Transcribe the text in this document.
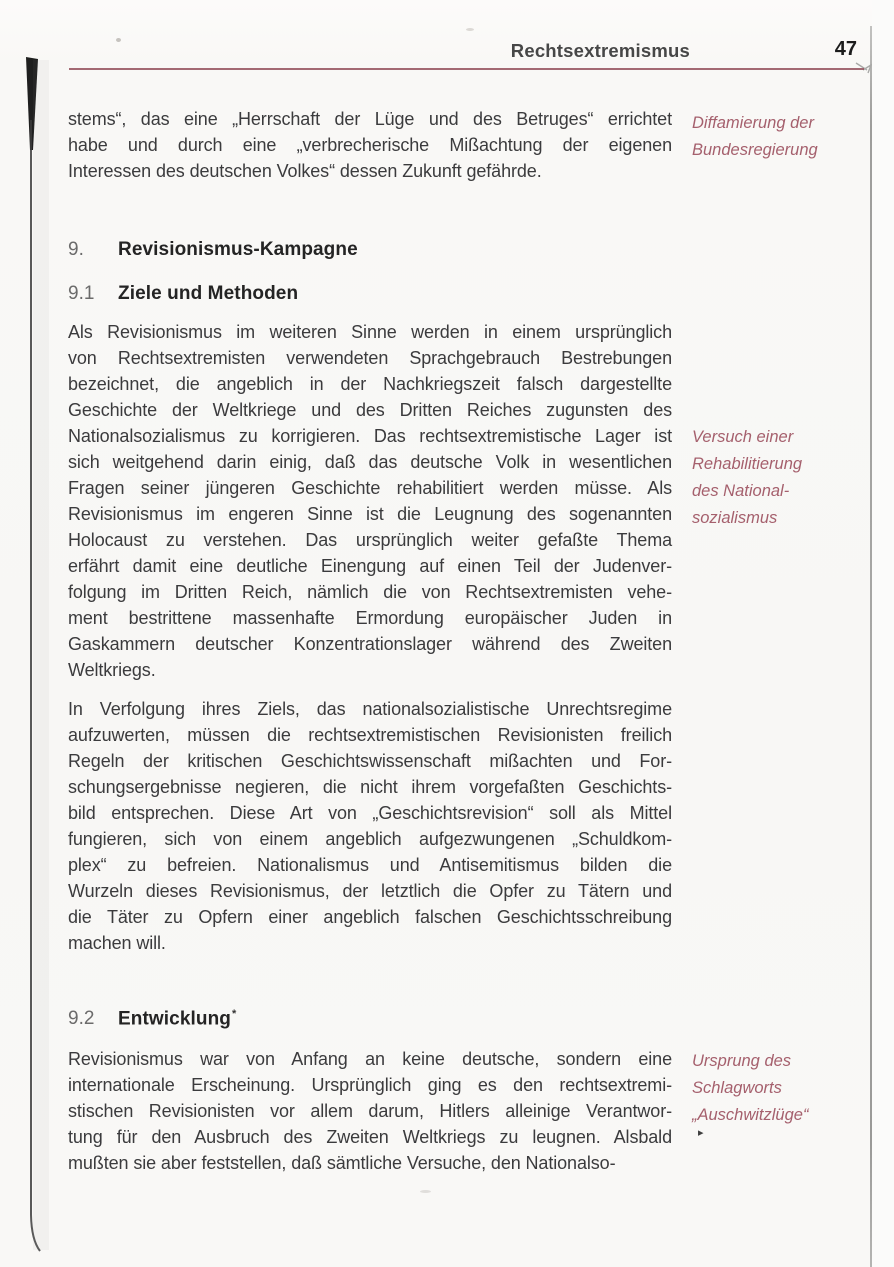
Rechtsextremismus	47
stems“, das eine „Herrschaft der Lüge und des Betruges“ errichtet
habe und durch eine „verbrecherische Mißachtung der eigenen
Interessen des deutschen Volkes“ dessen Zukunft gefährde.
Diffamierung der
Bundesregierung
9. Revisionismus-Kampagne
9.1 Ziele und Methoden
Als Revisionismus im weiteren Sinne werden in einem ursprünglich
von Rechtsextremisten verwendeten Sprachgebrauch Bestrebungen
bezeichnet, die angeblich in der Nachkriegszeit falsch dargestellte
Geschichte der Weltkriege und des Dritten Reiches zugunsten des
Nationalsozialismus zu korrigieren. Das rechtsextremistische Lager ist
sich weitgehend darin einig, daß das deutsche Volk in wesentlichen
Fragen seiner jüngeren Geschichte rehabilitiert werden müsse. Als
Revisionismus im engeren Sinne ist die Leugnung des sogenannten
Holocaust zu verstehen. Das ursprünglich weiter gefaßte Thema
erfährt damit eine deutliche Einengung auf einen Teil der Judenver-
folgung im Dritten Reich, nämlich die von Rechtsextremisten vehe-
ment bestrittene massenhafte Ermordung europäischer Juden in
Gaskammern deutscher Konzentrationslager während des Zweiten
Weltkriegs.
Versuch einer
Rehabilitierung
des National-
sozialismus
In Verfolgung ihres Ziels, das nationalsozialistische Unrechtsregime
aufzuwerten, müssen die rechtsextremistischen Revisionisten freilich
Regeln der kritischen Geschichtswissenschaft mißachten und For-
schungsergebnisse negieren, die nicht ihrem vorgefaßten Geschichts-
bild entsprechen. Diese Art von „Geschichtsrevision“ soll als Mittel
fungieren, sich von einem angeblich aufgezwungenen „Schuldkom-
plex“ zu befreien. Nationalismus und Antisemitismus bilden die
Wurzeln dieses Revisionismus, der letztlich die Opfer zu Tätern und
die Täter zu Opfern einer angeblich falschen Geschichtsschreibung
machen will.
9.2 Entwicklung*
Revisionismus war von Anfang an keine deutsche, sondern eine
internationale Erscheinung. Ursprünglich ging es den rechtsextremi-
stischen Revisionisten vor allem darum, Hitlers alleinige Verantwor-
tung für den Ausbruch des Zweiten Weltkriegs zu leugnen. Alsbald
mußten sie aber feststellen, daß sämtliche Versuche, den Nationalso-
Ursprung des
Schlagworts
„Auschwitzlüge“
▸
